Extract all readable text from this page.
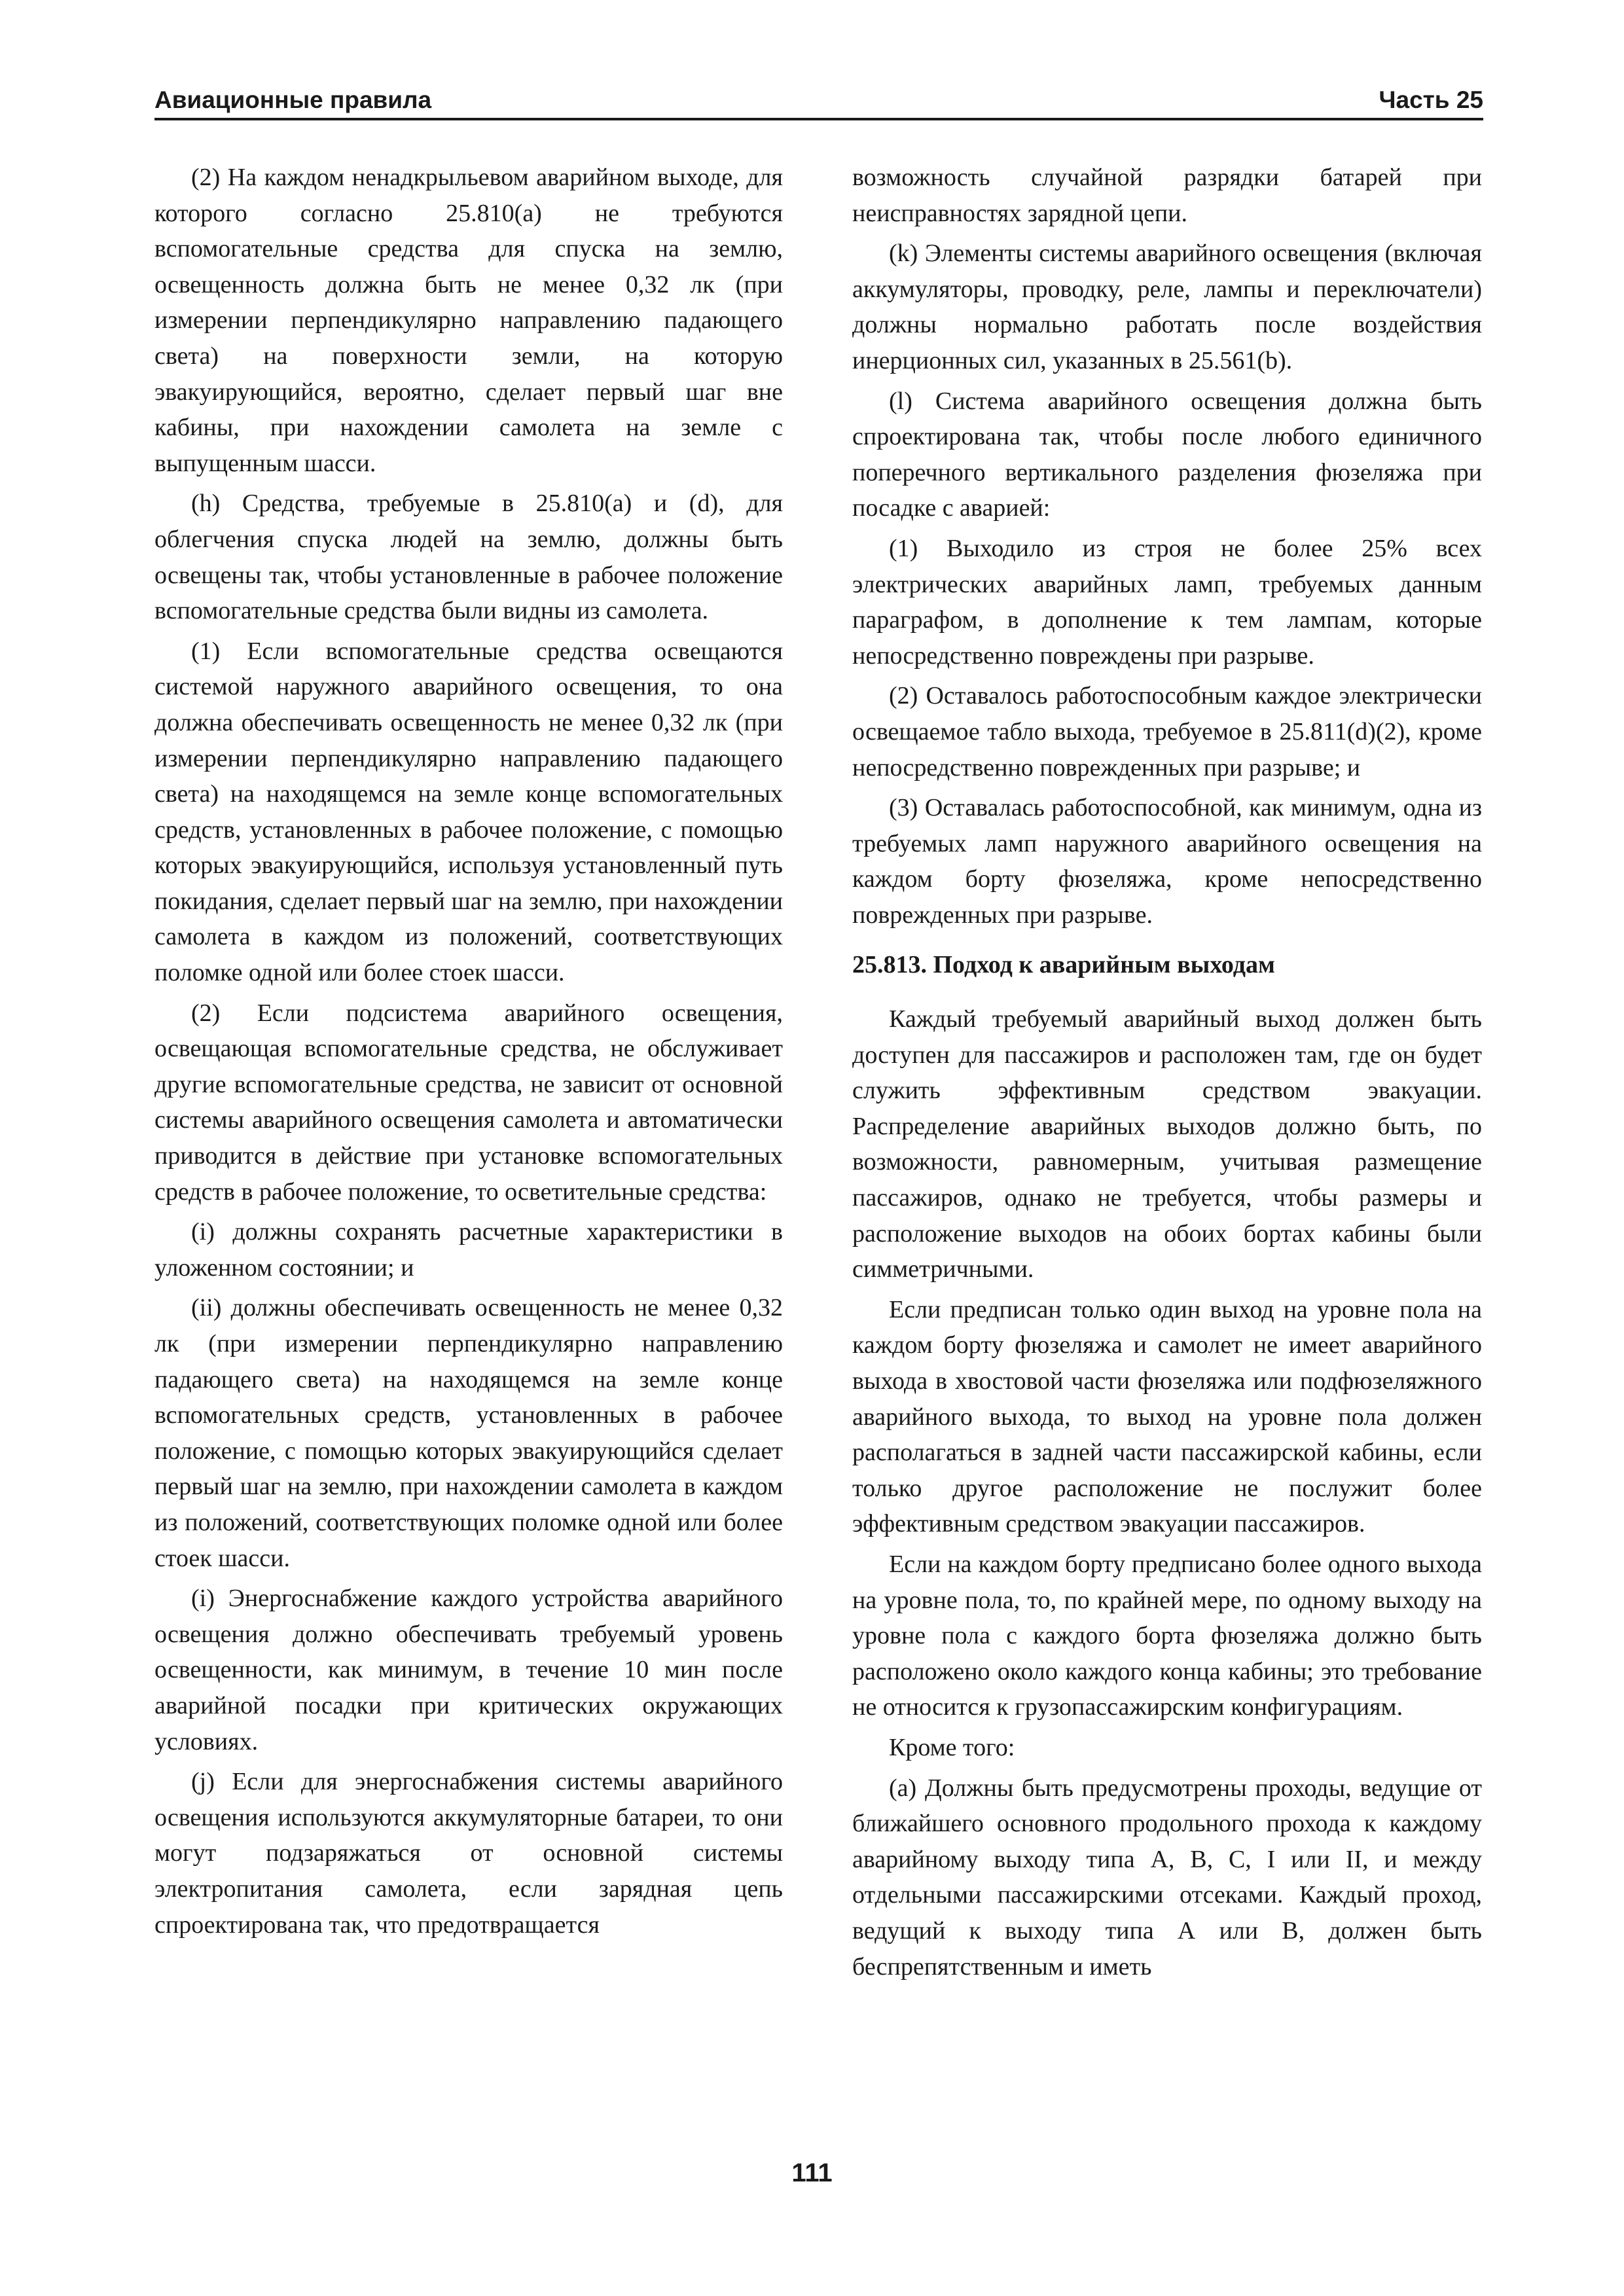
Авиационные правила	Часть 25

(2) На каждом ненадкрыльевом аварийном выходе, для которого согласно 25.810(а) не требуются вспомогательные средства для спуска на землю, освещенность должна быть не менее 0,32 лк (при измерении перпендикулярно направлению падающего света) на поверхности земли, на которую эвакуирующийся, вероятно, сделает первый шаг вне кабины, при нахождении самолета на земле с выпущенным шасси.

(h) Средства, требуемые в 25.810(а) и (d), для облегчения спуска людей на землю, должны быть освещены так, чтобы установленные в рабочее положение вспомогательные средства были видны из самолета.

(1) Если вспомогательные средства освещаются системой наружного аварийного освещения, то она должна обеспечивать освещенность не менее 0,32 лк (при измерении перпендикулярно направлению падающего света) на находящемся на земле конце вспомогательных средств, установленных в рабочее положение, с помощью которых эвакуирующийся, используя установленный путь покидания, сделает первый шаг на землю, при нахождении самолета в каждом из положений, соответствующих поломке одной или более стоек шасси.

(2) Если подсистема аварийного освещения, освещающая вспомогательные средства, не обслуживает другие вспомогательные средства, не зависит от основной системы аварийного освещения самолета и автоматически приводится в действие при установке вспомогательных средств в рабочее положение, то осветительные средства:

(i) должны сохранять расчетные характеристики в уложенном состоянии; и

(ii) должны обеспечивать освещенность не менее 0,32 лк (при измерении перпендикулярно направлению падающего света) на находящемся на земле конце вспомогательных средств, установленных в рабочее положение, с помощью которых эвакуирующийся сделает первый шаг на землю, при нахождении самолета в каждом из положений, соответствующих поломке одной или более стоек шасси.

(i) Энергоснабжение каждого устройства аварийного освещения должно обеспечивать требуемый уровень освещенности, как минимум, в течение 10 мин после аварийной посадки при критических окружающих условиях.

(j) Если для энергоснабжения системы аварийного освещения используются аккумуляторные батареи, то они могут подзаряжаться от основной системы электропитания самолета, если зарядная цепь спроектирована так, что предотвращается

возможность случайной разрядки батарей при неисправностях зарядной цепи.

(k) Элементы системы аварийного освещения (включая аккумуляторы, проводку, реле, лампы и переключатели) должны нормально работать после воздействия инерционных сил, указанных в 25.561(b).

(l) Система аварийного освещения должна быть спроектирована так, чтобы после любого единичного поперечного вертикального разделения фюзеляжа при посадке с аварией:

(1) Выходило из строя не более 25% всех электрических аварийных ламп, требуемых данным параграфом, в дополнение к тем лампам, которые непосредственно повреждены при разрыве.

(2) Оставалось работоспособным каждое электрически освещаемое табло выхода, требуемое в 25.811(d)(2), кроме непосредственно поврежденных при разрыве; и

(3) Оставалась работоспособной, как минимум, одна из требуемых ламп наружного аварийного освещения на каждом борту фюзеляжа, кроме непосредственно поврежденных при разрыве.

25.813. Подход к аварийным выходам

Каждый требуемый аварийный выход должен быть доступен для пассажиров и расположен там, где он будет служить эффективным средством эвакуации. Распределение аварийных выходов должно быть, по возможности, равномерным, учитывая размещение пассажиров, однако не требуется, чтобы размеры и расположение выходов на обоих бортах кабины были симметричными.

Если предписан только один выход на уровне пола на каждом борту фюзеляжа и самолет не имеет аварийного выхода в хвостовой части фюзеляжа или подфюзеляжного аварийного выхода, то выход на уровне пола должен располагаться в задней части пассажирской кабины, если только другое расположение не послужит более эффективным средством эвакуации пассажиров.

Если на каждом борту предписано более одного выхода на уровне пола, то, по крайней мере, по одному выходу на уровне пола с каждого борта фюзеляжа должно быть расположено около каждого конца кабины; это требование не относится к грузопассажирским конфигурациям.

Кроме того:

(а) Должны быть предусмотрены проходы, ведущие от ближайшего основного продольного прохода к каждому аварийному выходу типа А, В, С, I или II, и между отдельными пассажирскими отсеками. Каждый проход, ведущий к выходу типа А или В, должен быть беспрепятственным и иметь

111
